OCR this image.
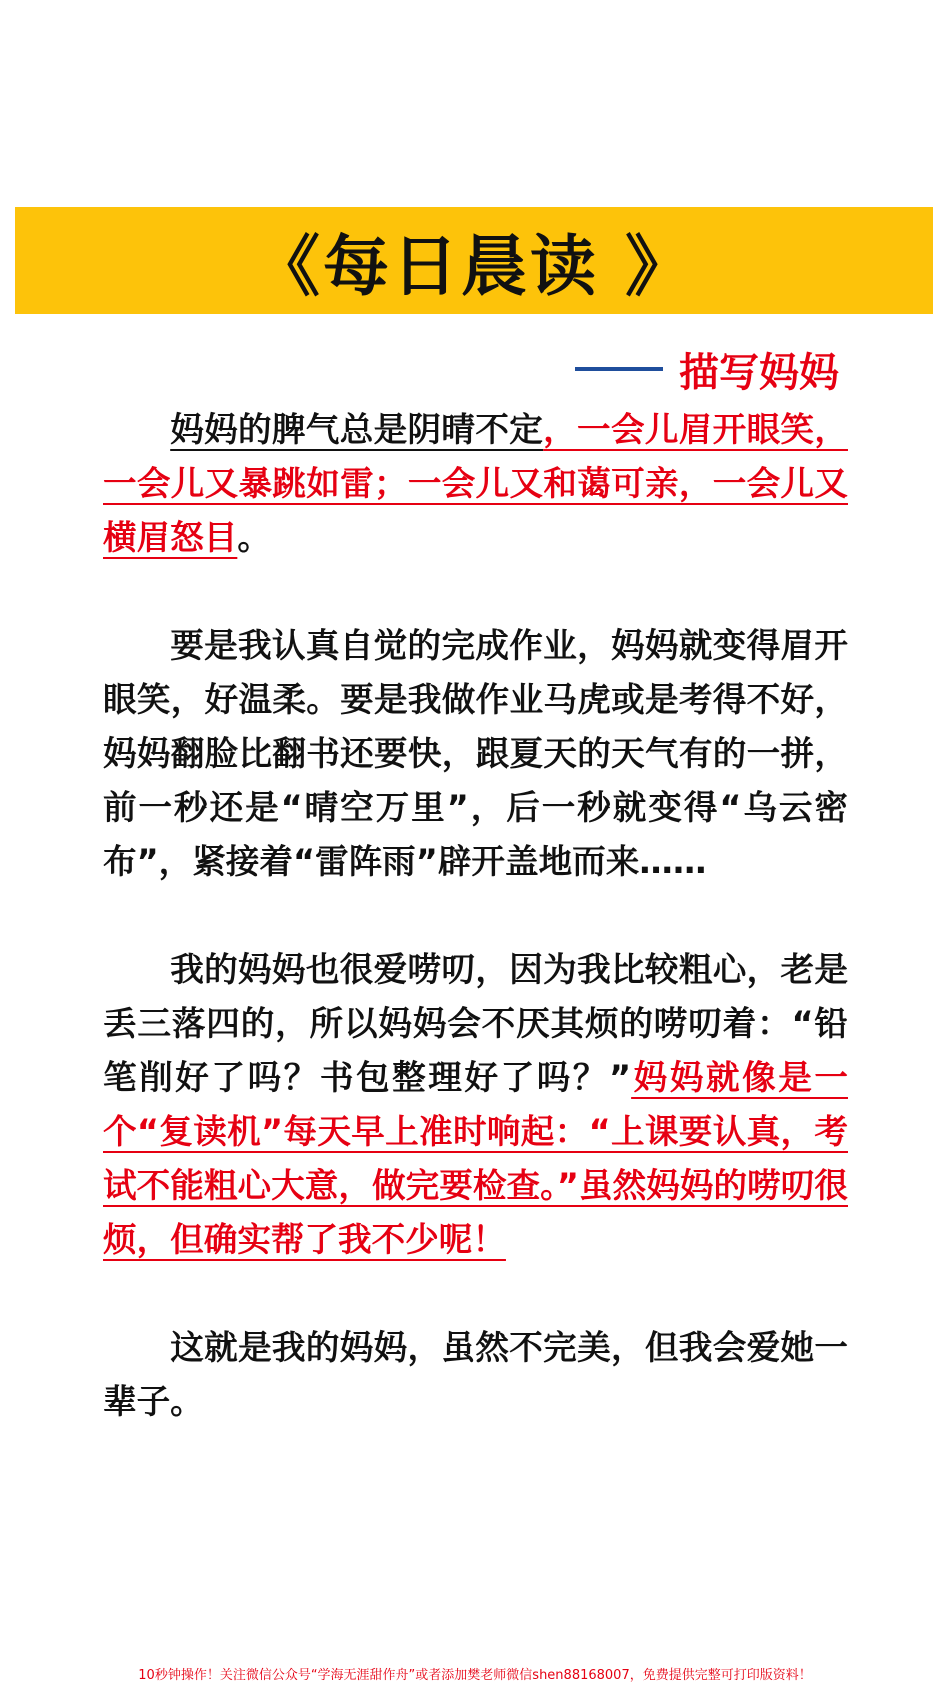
《每日晨读 》
描写妈妈

妈妈的脾气总是阴晴不定，一会儿眉开眼笑，一会儿又暴跳如雷；一会儿又和蔼可亲，一会儿又横眉怒目。

要是我认真自觉的完成作业，妈妈就变得眉开眼笑，好温柔。要是我做作业马虎或是考得不好，妈妈翻脸比翻书还要快，跟夏天的天气有的一拼，前一秒还是“晴空万里”，后一秒就变得“乌云密布”，紧接着“雷阵雨”辟开盖地而来……

我的妈妈也很爱唠叨，因为我比较粗心，老是丢三落四的，所以妈妈会不厌其烦的唠叨着：“铅笔削好了吗？书包整理好了吗？”妈妈就像是一个“复读机”每天早上准时响起：“上课要认真，考试不能粗心大意，做完要检查。”虽然妈妈的唠叨很烦，但确实帮了我不少呢！

这就是我的妈妈，虽然不完美，但我会爱她一辈子。

10秒钟操作！关注微信公众号“学海无涯甜作舟”或者添加樊老师微信shen88168007，免费提供完整可打印版资料！
